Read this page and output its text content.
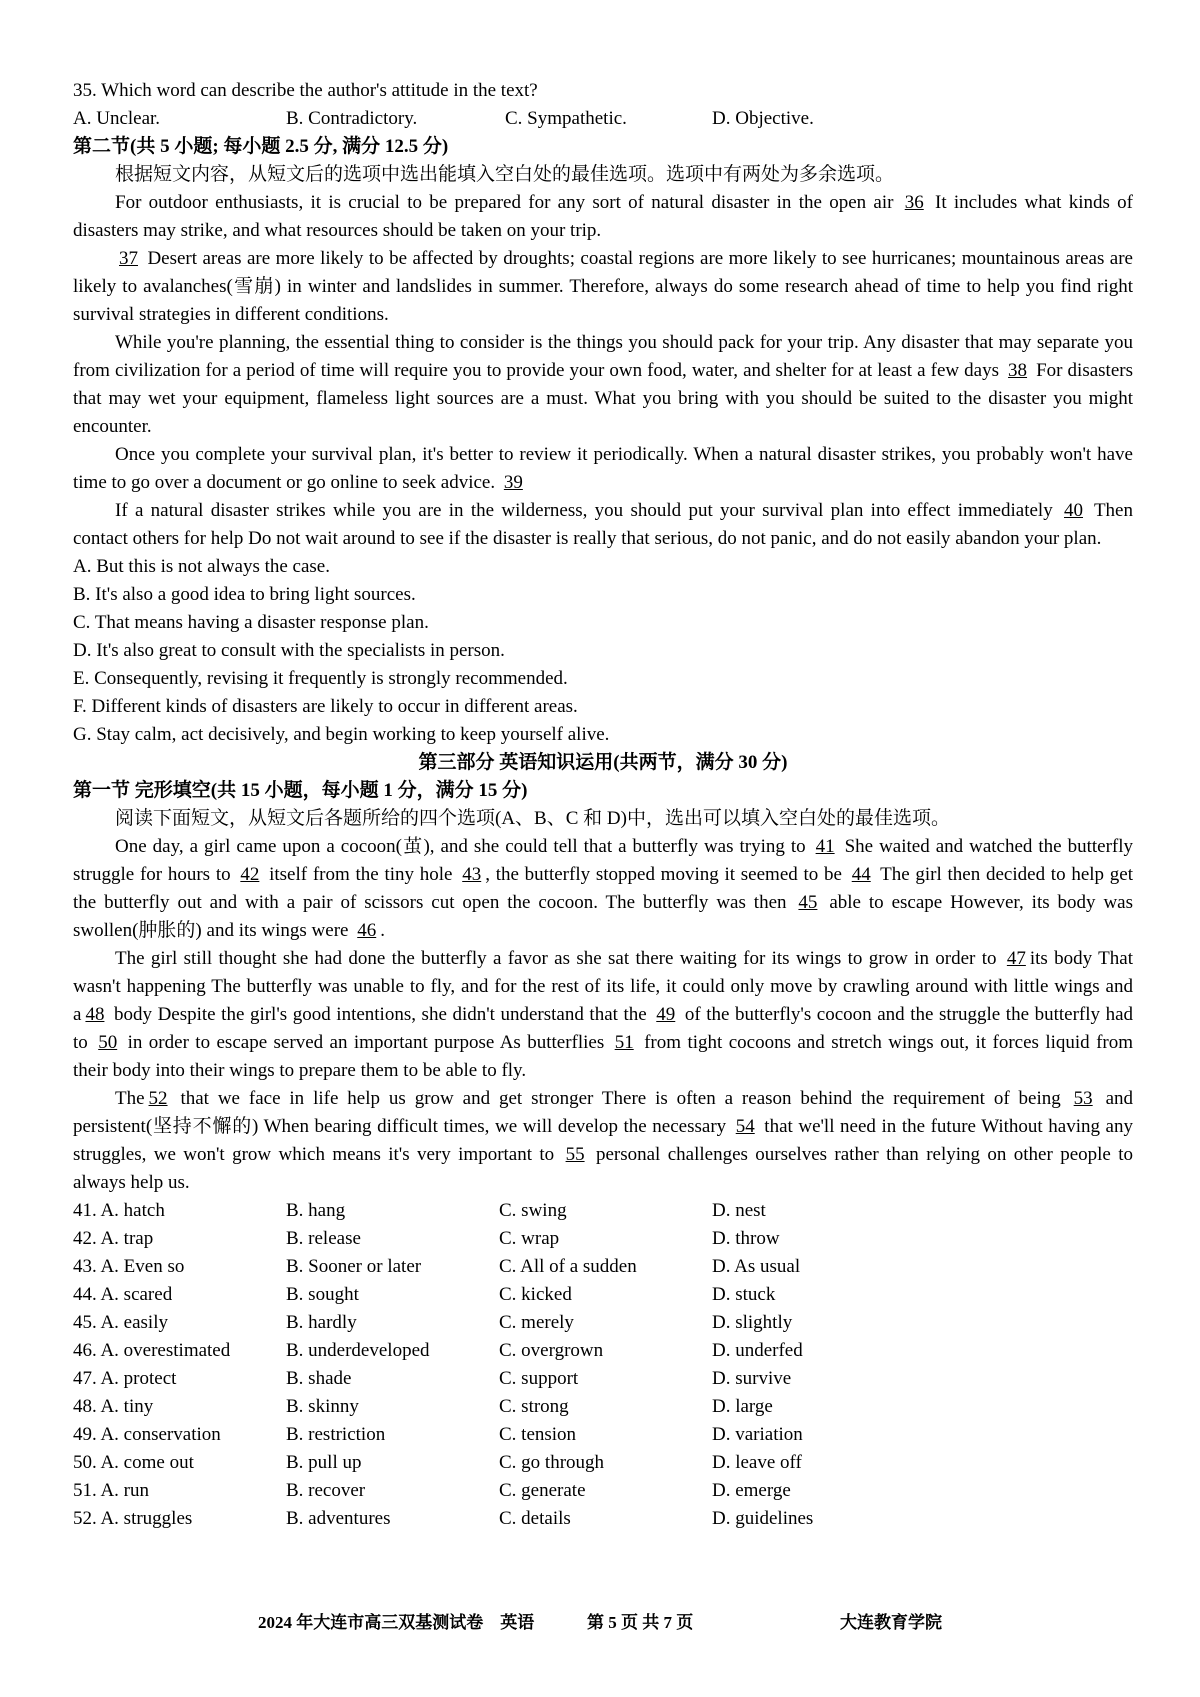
35. Which word can describe the author's attitude in the text?
A. Unclear.	B. Contradictory.	C. Sympathetic.	D. Objective.
第二节(共 5 小题; 每小题 2.5 分, 满分 12.5 分)
根据短文内容，从短文后的选项中选出能填入空白处的最佳选项。选项中有两处为多余选项。
For outdoor enthusiasts, it is crucial to be prepared for any sort of natural disaster in the open air 36 It includes what kinds of disasters may strike, and what resources should be taken on your trip.
37 Desert areas are more likely to be affected by droughts; coastal regions are more likely to see hurricanes; mountainous areas are likely to avalanches(雪崩) in winter and landslides in summer. Therefore, always do some research ahead of time to help you find right survival strategies in different conditions.
While you're planning, the essential thing to consider is the things you should pack for your trip. Any disaster that may separate you from civilization for a period of time will require you to provide your own food, water, and shelter for at least a few days 38 For disasters that may wet your equipment, flameless light sources are a must. What you bring with you should be suited to the disaster you might encounter.
Once you complete your survival plan, it's better to review it periodically. When a natural disaster strikes, you probably won't have time to go over a document or go online to seek advice. 39
If a natural disaster strikes while you are in the wilderness, you should put your survival plan into effect immediately 40 Then contact others for help Do not wait around to see if the disaster is really that serious, do not panic, and do not easily abandon your plan.
A. But this is not always the case.
B. It's also a good idea to bring light sources.
C. That means having a disaster response plan.
D. It's also great to consult with the specialists in person.
E. Consequently, revising it frequently is strongly recommended.
F. Different kinds of disasters are likely to occur in different areas.
G. Stay calm, act decisively, and begin working to keep yourself alive.
第三部分 英语知识运用(共两节，满分 30 分)
第一节 完形填空(共 15 小题，每小题 1 分，满分 15 分)
阅读下面短文，从短文后各题所给的四个选项(A、B、C 和 D)中，选出可以填入空白处的最佳选项。
One day, a girl came upon a cocoon(茧), and she could tell that a butterfly was trying to 41 She waited and watched the butterfly struggle for hours to 42 itself from the tiny hole 43 , the butterfly stopped moving it seemed to be 44 The girl then decided to help get the butterfly out and with a pair of scissors cut open the cocoon. The butterfly was then 45 able to escape However, its body was swollen(肿胀的) and its wings were 46 .
The girl still thought she had done the butterfly a favor as she sat there waiting for its wings to grow in order to 47 its body That wasn't happening The butterfly was unable to fly, and for the rest of its life, it could only move by crawling around with little wings and a 48 body Despite the girl's good intentions, she didn't understand that the 49 of the butterfly's cocoon and the struggle the butterfly had to 50 in order to escape served an important purpose As butterflies 51 from tight cocoons and stretch wings out, it forces liquid from their body into their wings to prepare them to be able to fly.
The 52 that we face in life help us grow and get stronger There is often a reason behind the requirement of being 53 and persistent(坚持不懈的) When bearing difficult times, we will develop the necessary 54 that we'll need in the future Without having any struggles, we won't grow which means it's very important to 55 personal challenges ourselves rather than relying on other people to always help us.
41. A. hatch	B. hang	C. swing	D. nest
42. A. trap	B. release	C. wrap	D. throw
43. A. Even so	B. Sooner or later	C. All of a sudden	D. As usual
44. A. scared	B. sought	C. kicked	D. stuck
45. A. easily	B. hardly	C. merely	D. slightly
46. A. overestimated	B. underdeveloped	C. overgrown	D. underfed
47. A. protect	B. shade	C. support	D. survive
48. A. tiny	B. skinny	C. strong	D. large
49. A. conservation	B. restriction	C. tension	D. variation
50. A. come out	B. pull up	C. go through	D. leave off
51. A. run	B. recover	C. generate	D. emerge
52. A. struggles	B. adventures	C. details	D. guidelines
2024 年大连市高三双基测试卷　英语	第 5 页 共 7 页	大连教育学院
